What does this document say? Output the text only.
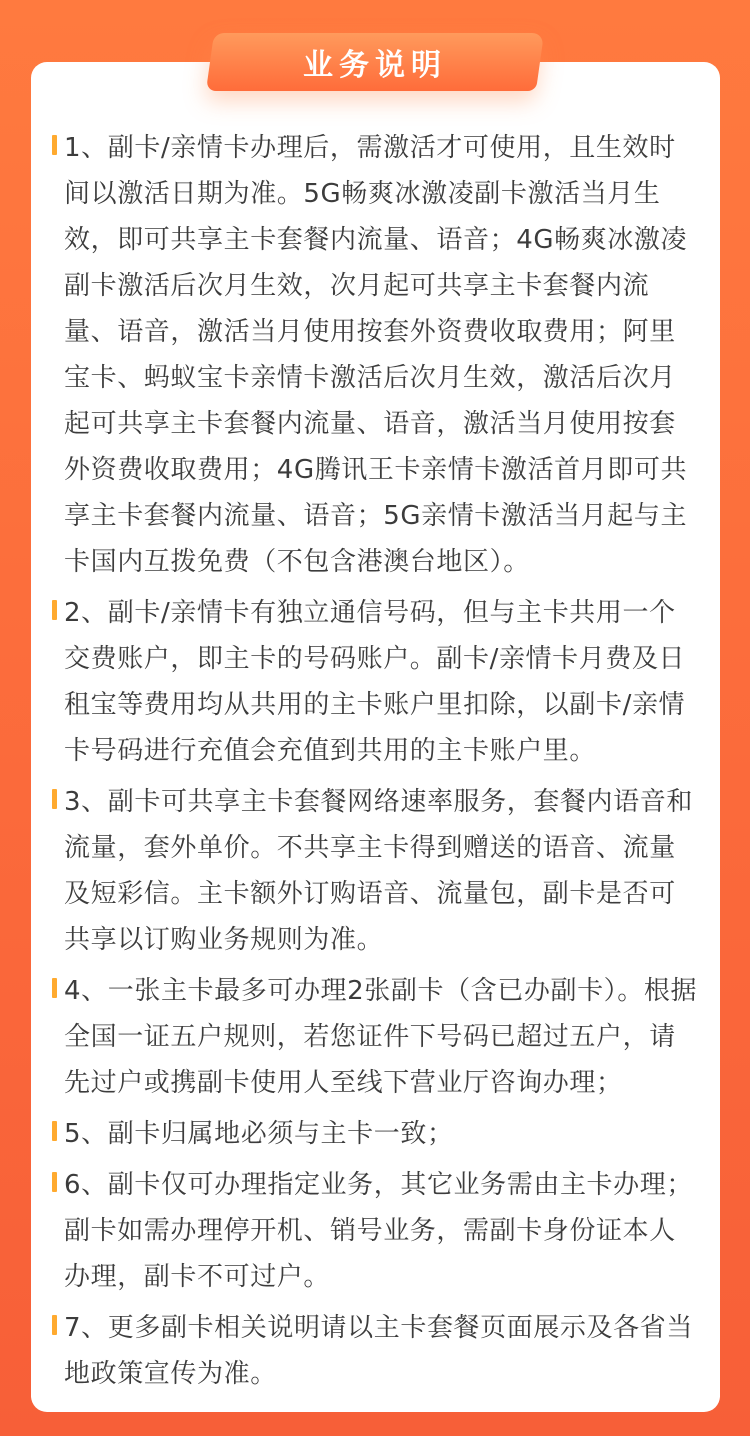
业务说明
1、副卡/亲情卡办理后，需激活才可使用，且生效时间以激活日期为准。5G畅爽冰激凌副卡激活当月生效，即可共享主卡套餐内流量、语音；4G畅爽冰激凌副卡激活后次月生效，次月起可共享主卡套餐内流量、语音，激活当月使用按套外资费收取费用；阿里宝卡、蚂蚁宝卡亲情卡激活后次月生效，激活后次月起可共享主卡套餐内流量、语音，激活当月使用按套外资费收取费用；4G腾讯王卡亲情卡激活首月即可共享主卡套餐内流量、语音；5G亲情卡激活当月起与主卡国内互拨免费（不包含港澳台地区）。
2、副卡/亲情卡有独立通信号码，但与主卡共用一个交费账户，即主卡的号码账户。副卡/亲情卡月费及日租宝等费用均从共用的主卡账户里扣除，以副卡/亲情卡号码进行充值会充值到共用的主卡账户里。
3、副卡可共享主卡套餐网络速率服务，套餐内语音和流量，套外单价。不共享主卡得到赠送的语音、流量及短彩信。主卡额外订购语音、流量包，副卡是否可共享以订购业务规则为准。
4、一张主卡最多可办理2张副卡（含已办副卡）。根据全国一证五户规则，若您证件下号码已超过五户，请先过户或携副卡使用人至线下营业厅咨询办理；
5、副卡归属地必须与主卡一致；
6、副卡仅可办理指定业务，其它业务需由主卡办理；副卡如需办理停开机、销号业务，需副卡身份证本人办理，副卡不可过户。
7、更多副卡相关说明请以主卡套餐页面展示及各省当地政策宣传为准。
